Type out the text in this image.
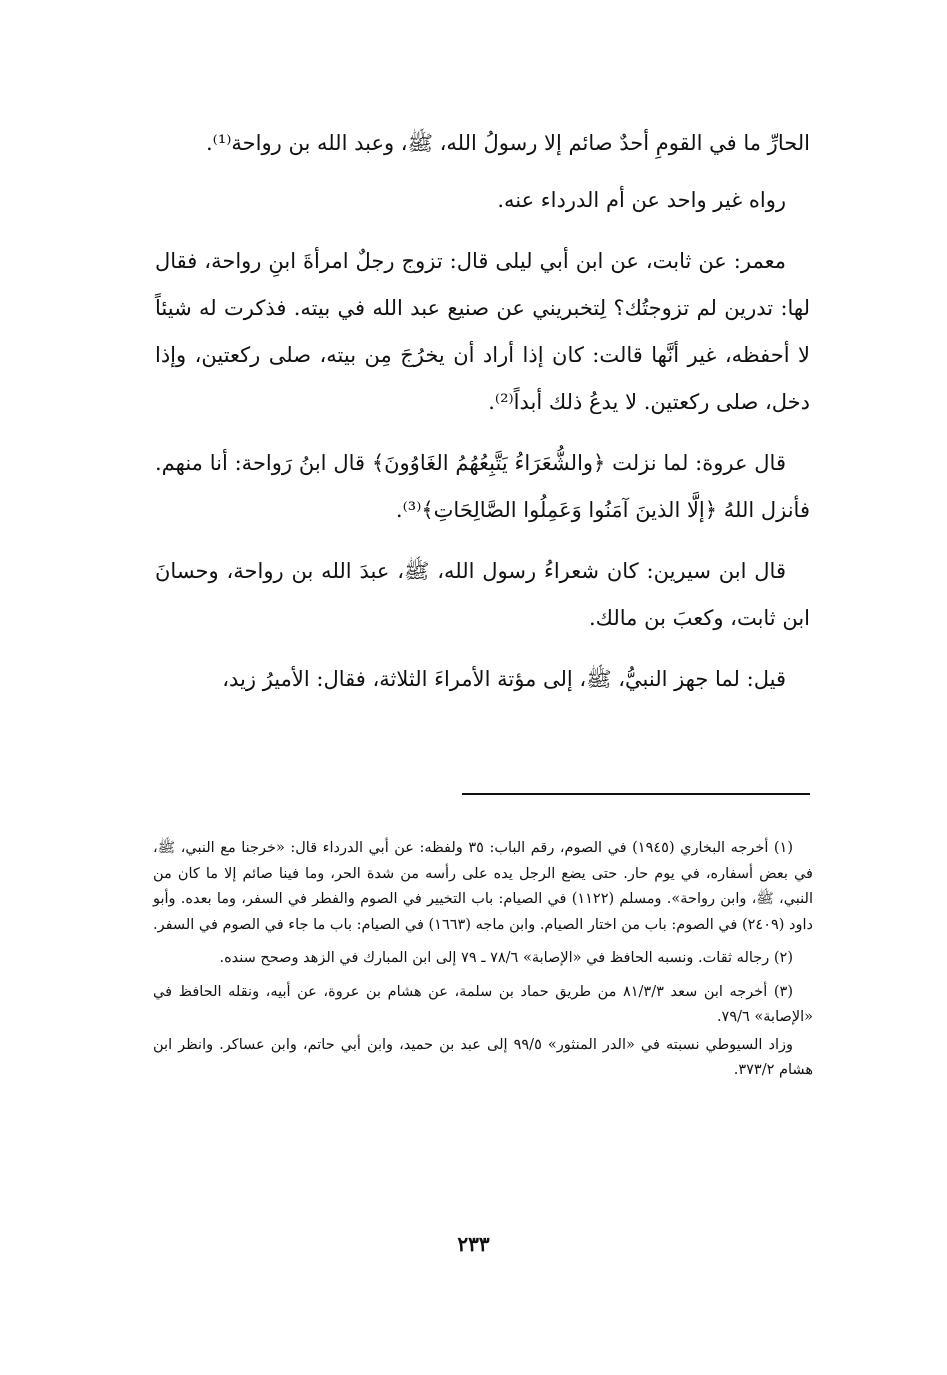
الحارِّ ما في القومِ أحدٌ صائم إلا رسولُ الله، ﷺ، وعبد الله بن رواحة⁽¹⁾.

رواه غير واحد عن أم الدرداء عنه.

معمر: عن ثابت، عن ابن أبي ليلى قال: تزوج رجلٌ امرأةَ ابنِ رواحة، فقال لها: تدرين لم تزوجتُك؟ لِتخبريني عن صنيع عبد الله في بيته. فذكرت له شيئاً لا أحفظه، غير أنَّها قالت: كان إذا أراد أن يخرُجَ مِن بيته، صلى ركعتين، وإذا دخل، صلى ركعتين. لا يدعُ ذلك أبداً⁽²⁾.

قال عروة: لما نزلت ﴿والشُّعَرَاءُ يَتَّبِعُهُمُ الغَاوُونَ﴾ قال ابنُ رَواحة: أنا منهم. فأنزل اللهُ ﴿إلَّا الذينَ آمَنُوا وَعَمِلُوا الصَّالِحَاتِ﴾⁽³⁾.

قال ابن سيرين: كان شعراءُ رسول الله، ﷺ، عبدَ الله بن رواحة، وحسانَ ابن ثابت، وكعبَ بن مالك.

قيل: لما جهز النبيُّ، ﷺ، إلى مؤتة الأمراءَ الثلاثة، فقال: الأميرُ زيد،

(١) أخرجه البخاري (١٩٤٥) في الصوم، رقم الباب: ٣٥ ولفظه: عن أبي الدرداء قال: «خرجنا مع النبي، ﷺ، في بعض أسفاره، في يوم حار. حتى يضع الرجل يده على رأسه من شدة الحر، وما فينا صائم إلا ما كان من النبي، ﷺ، وابن رواحة». ومسلم (١١٢٢) في الصيام: باب التخيير في الصوم والفطر في السفر، وما بعده. وأبو داود (٢٤٠٩) في الصوم: باب من اختار الصيام. وابن ماجه (١٦٦٣) في الصيام: باب ما جاء في الصوم في السفر.

(٢) رجاله ثقات. ونسبه الحافظ في «الإصابة» ٧٨/٦ ـ ٧٩ إلى ابن المبارك في الزهد وصحح سنده.

(٣) أخرجه ابن سعد ٨١/٣/٣ من طريق حماد بن سلمة، عن هشام بن عروة، عن أبيه، ونقله الحافظ في «الإصابة» ٧٩/٦.

وزاد السيوطي نسبته في «الدر المنثور» ٩٩/٥ إلى عبد بن حميد، وابن أبي حاتم، وابن عساكر. وانظر ابن هشام ٣٧٣/٢.

٢٣٣
